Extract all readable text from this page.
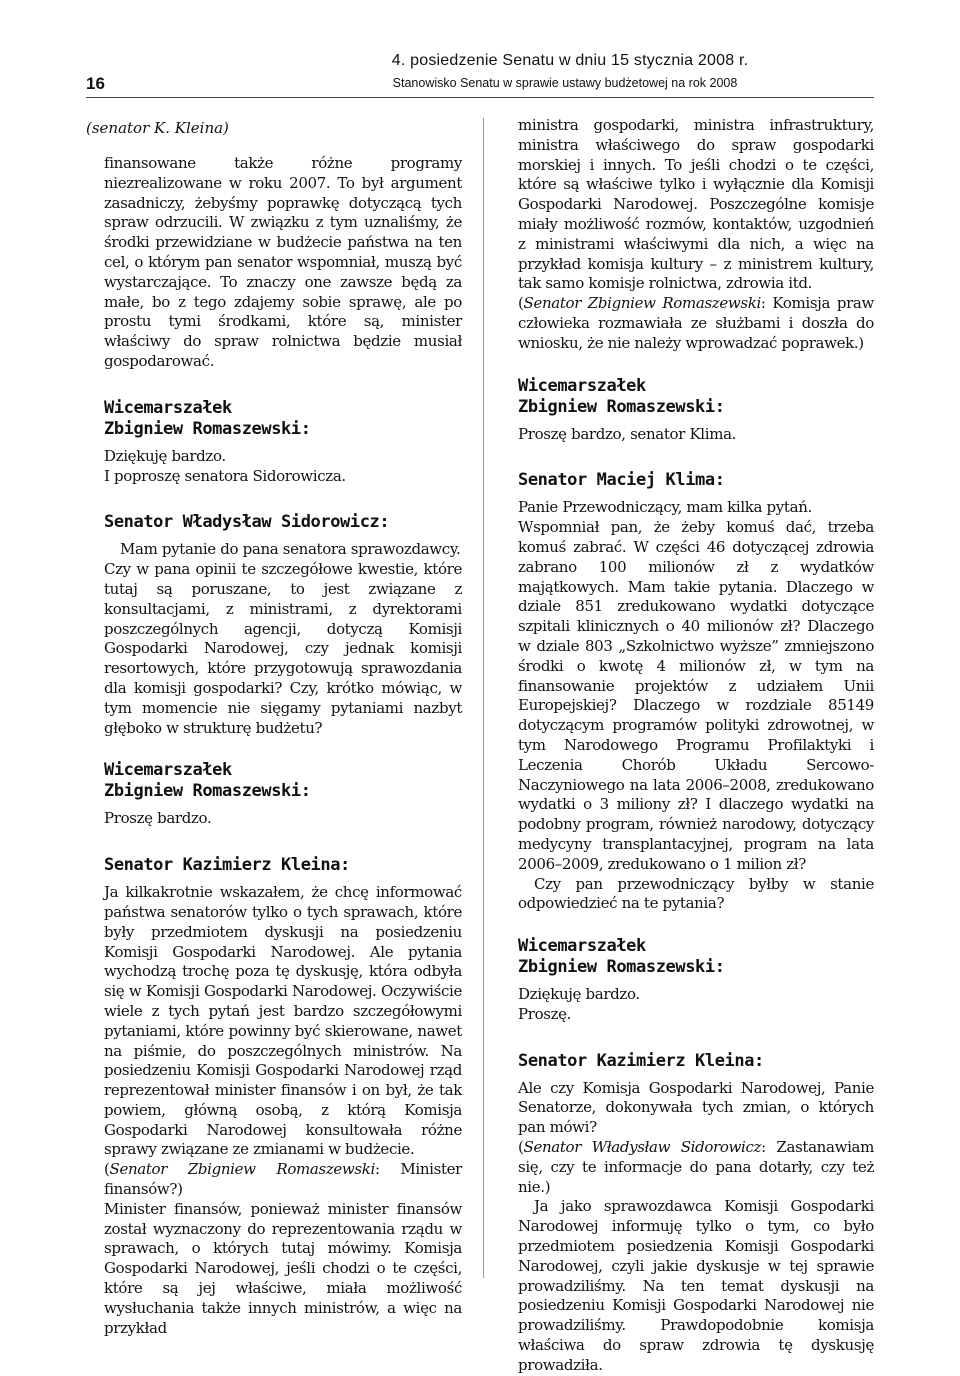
16
4. posiedzenie Senatu w dniu 15 stycznia 2008 r.
Stanowisko Senatu w sprawie ustawy budżetowej na rok 2008
(senator K. Kleina)

finansowane także różne programy niezrealizowane w roku 2007. To był argument zasadniczy, żebyśmy poprawkę dotyczącą tych spraw odrzucili. W związku z tym uznaliśmy, że środki przewidziane w budżecie państwa na ten cel, o którym pan senator wspomniał, muszą być wystarczające. To znaczy one zawsze będą za małe, bo z tego zdajemy sobie sprawę, ale po prostu tymi środkami, które są, minister właściwy do spraw rolnictwa będzie musiał gospodarować.

Wicemarszałek
Zbigniew Romaszewski:

Dziękuję bardzo.

I poproszę senatora Sidorowicza.

Senator Władysław Sidorowicz:

Mam pytanie do pana senatora sprawozdawcy.

Czy w pana opinii te szczegółowe kwestie, które tutaj są poruszane, to jest związane z konsultacjami, z ministrami, z dyrektorami poszczególnych agencji, dotyczą Komisji Gospodarki Narodowej, czy jednak komisji resortowych, które przygotowują sprawozdania dla komisji gospodarki? Czy, krótko mówiąc, w tym momencie nie sięgamy pytaniami nazbyt głęboko w strukturę budżetu?

Wicemarszałek
Zbigniew Romaszewski:

Proszę bardzo.

Senator Kazimierz Kleina:

Ja kilkakrotnie wskazałem, że chcę informować państwa senatorów tylko o tych sprawach, które były przedmiotem dyskusji na posiedzeniu Komisji Gospodarki Narodowej. Ale pytania wychodzą trochę poza tę dyskusję, która odbyła się w Komisji Gospodarki Narodowej. Oczywiście wiele z tych pytań jest bardzo szczegółowymi pytaniami, które powinny być skierowane, nawet na piśmie, do poszczególnych ministrów. Na posiedzeniu Komisji Gospodarki Narodowej rząd reprezentował minister finansów i on był, że tak powiem, główną osobą, z którą Komisja Gospodarki Narodowej konsultowała różne sprawy związane ze zmianami w budżecie.

(Senator Zbigniew Romaszewski: Minister finansów?)

Minister finansów, ponieważ minister finansów został wyznaczony do reprezentowania rządu w sprawach, o których tutaj mówimy. Komisja Gospodarki Narodowej, jeśli chodzi o te części, które są jej właściwe, miała możliwość wysłuchania także innych ministrów, a więc na przykład

ministra gospodarki, ministra infrastruktury, ministra właściwego do spraw gospodarki morskiej i innych. To jeśli chodzi o te części, które są właściwe tylko i wyłącznie dla Komisji Gospodarki Narodowej. Poszczególne komisje miały możliwość rozmów, kontaktów, uzgodnień z ministrami właściwymi dla nich, a więc na przykład komisja kultury – z ministrem kultury, tak samo komisje rolnictwa, zdrowia itd.

(Senator Zbigniew Romaszewski: Komisja praw człowieka rozmawiała ze służbami i doszła do wniosku, że nie należy wprowadzać poprawek.)

Wicemarszałek
Zbigniew Romaszewski:

Proszę bardzo, senator Klima.

Senator Maciej Klima:

Panie Przewodniczący, mam kilka pytań.

Wspomniał pan, że żeby komuś dać, trzeba komuś zabrać. W części 46 dotyczącej zdrowia zabrano 100 milionów zł z wydatków majątkowych. Mam takie pytania. Dlaczego w dziale 851 zredukowano wydatki dotyczące szpitali klinicznych o 40 milionów zł? Dlaczego w dziale 803 „Szkolnictwo wyższe” zmniejszono środki o kwotę 4 milionów zł, w tym na finansowanie projektów z udziałem Unii Europejskiej? Dlaczego w rozdziale 85149 dotyczącym programów polityki zdrowotnej, w tym Narodowego Programu Profilaktyki i Leczenia Chorób Układu Sercowo-Naczyniowego na lata 2006–2008, zredukowano wydatki o 3 miliony zł? I dlaczego wydatki na podobny program, również narodowy, dotyczący medycyny transplantacyjnej, program na lata 2006–2009, zredukowano o 1 milion zł?

Czy pan przewodniczący byłby w stanie odpowiedzieć na te pytania?

Wicemarszałek
Zbigniew Romaszewski:

Dziękuję bardzo.

Proszę.

Senator Kazimierz Kleina:

Ale czy Komisja Gospodarki Narodowej, Panie Senatorze, dokonywała tych zmian, o których pan mówi?

(Senator Władysław Sidorowicz: Zastanawiam się, czy te informacje do pana dotarły, czy też nie.)

Ja jako sprawozdawca Komisji Gospodarki Narodowej informuję tylko o tym, co było przedmiotem posiedzenia Komisji Gospodarki Narodowej, czyli jakie dyskusje w tej sprawie prowadziliśmy. Na ten temat dyskusji na posiedzeniu Komisji Gospodarki Narodowej nie prowadziliśmy. Prawdopodobnie komisja właściwa do spraw zdrowia tę dyskusję prowadziła.
